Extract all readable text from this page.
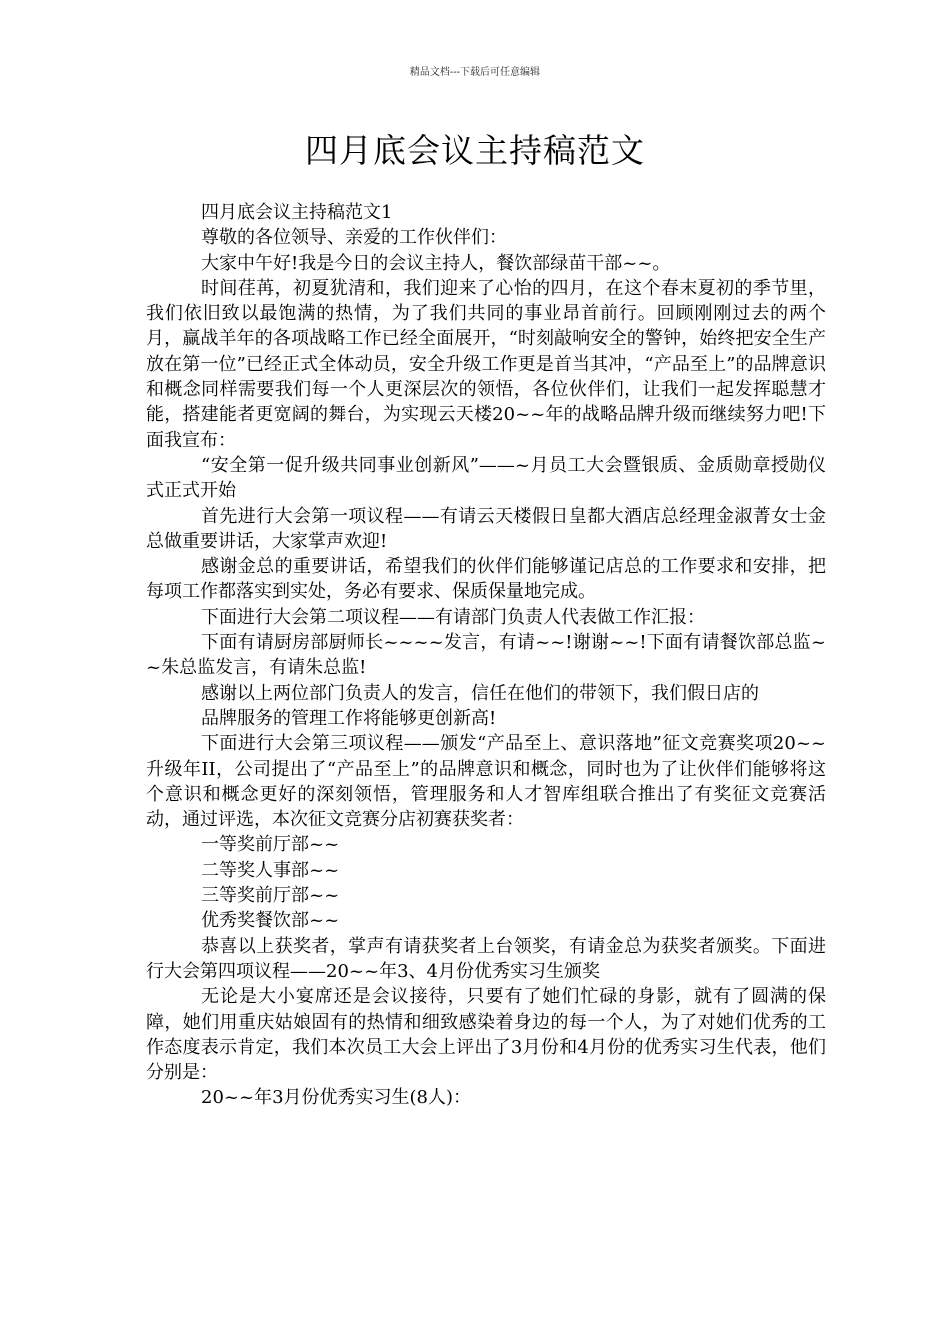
精品文档---下载后可任意编辑
四月底会议主持稿范文

四月底会议主持稿范文1

尊敬的各位领导、亲爱的工作伙伴们：

大家中午好!我是今日的会议主持人，餐饮部绿苗干部~~。

时间荏苒，初夏犹清和，我们迎来了心怡的四月，在这个春末夏初的季节里，我们依旧致以最饱满的热情，为了我们共同的事业昂首前行。回顾刚刚过去的两个月，赢战羊年的各项战略工作已经全面展开，“时刻敲响安全的警钟，始终把安全生产放在第一位”已经正式全体动员，安全升级工作更是首当其冲，“产品至上”的品牌意识和概念同样需要我们每一个人更深层次的领悟，各位伙伴们，让我们一起发挥聪慧才能，搭建能者更宽阔的舞台，为实现云天楼20~~年的战略品牌升级而继续努力吧!下面我宣布：

“安全第一促升级共同事业创新风”——~月员工大会暨银质、金质勋章授勋仪式正式开始

首先进行大会第一项议程——有请云天楼假日皇都大酒店总经理金淑菁女士金总做重要讲话，大家掌声欢迎!

感谢金总的重要讲话，希望我们的伙伴们能够谨记店总的工作要求和安排，把每项工作都落实到实处，务必有要求、保质保量地完成。

下面进行大会第二项议程——有请部门负责人代表做工作汇报：

下面有请厨房部厨师长~~~~发言，有请~~!谢谢~~!下面有请餐饮部总监~~朱总监发言，有请朱总监!

感谢以上两位部门负责人的发言，信任在他们的带领下，我们假日店的

品牌服务的管理工作将能够更创新高!

下面进行大会第三项议程——颁发“产品至上、意识落地”征文竞赛奖项20~~升级年II，公司提出了“产品至上”的品牌意识和概念，同时也为了让伙伴们能够将这个意识和概念更好的深刻领悟，管理服务和人才智库组联合推出了有奖征文竞赛活动，通过评选，本次征文竞赛分店初赛获奖者：

一等奖前厅部~~

二等奖人事部~~

三等奖前厅部~~

优秀奖餐饮部~~

恭喜以上获奖者，掌声有请获奖者上台领奖，有请金总为获奖者颁奖。下面进行大会第四项议程——20~~年3、4月份优秀实习生颁奖

无论是大小宴席还是会议接待，只要有了她们忙碌的身影，就有了圆满的保障，她们用重庆姑娘固有的热情和细致感染着身边的每一个人，为了对她们优秀的工作态度表示肯定，我们本次员工大会上评出了3月份和4月份的优秀实习生代表，他们分别是：

20~~年3月份优秀实习生(8人)：
